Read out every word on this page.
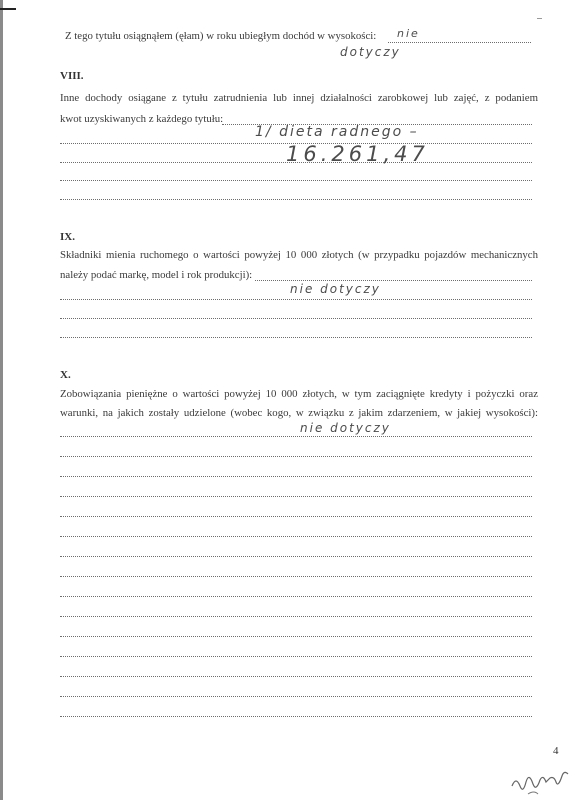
Z tego tytułu osiągnąłem (ęłam) w roku ubiegłym dochód w wysokości: nie
dotyczy
VIII.
Inne dochody osiągane z tytułu zatrudnienia lub innej działalności zarobkowej lub zajęć, z podaniem
kwot uzyskiwanych z każdego tytułu:
1/ dieta radnego –
16.261,47
IX.
Składniki mienia ruchomego o wartości powyżej 10 000 złotych (w przypadku pojazdów mechanicznych
należy podać markę, model i rok produkcji):
nie dotyczy
X.
Zobowiązania pieniężne o wartości powyżej 10 000 złotych, w tym zaciągnięte kredyty i pożyczki oraz
warunki, na jakich zostały udzielone (wobec kogo, w związku z jakim zdarzeniem, w jakiej wysokości):
nie dotyczy
4
